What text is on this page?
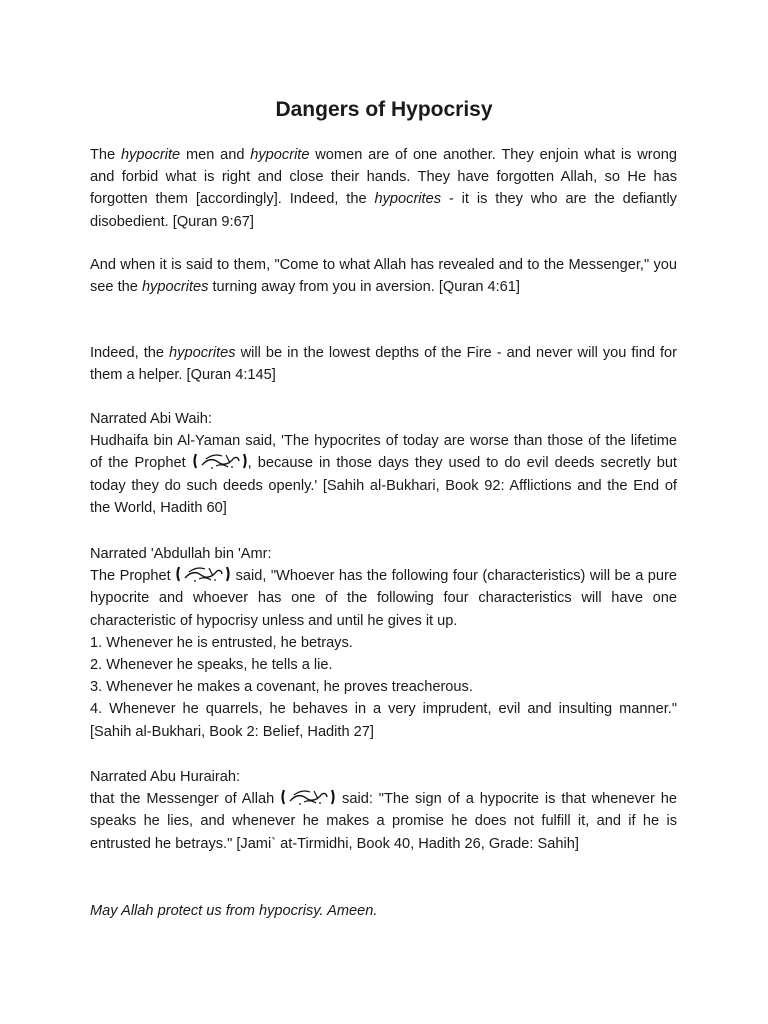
Dangers of Hypocrisy

The hypocrite men and hypocrite women are of one another. They enjoin what is wrong and forbid what is right and close their hands. They have forgotten Allah, so He has forgotten them [accordingly]. Indeed, the hypocrites - it is they who are the defiantly disobedient. [Quran 9:67]

And when it is said to them, "Come to what Allah has revealed and to the Messenger," you see the hypocrites turning away from you in aversion. [Quran 4:61]

Indeed, the hypocrites will be in the lowest depths of the Fire - and never will you find for them a helper. [Quran 4:145]

Narrated Abi Waih:

Hudhaifa bin Al-Yaman said, 'The hypocrites of today are worse than those of the lifetime of the Prophet	, because in those days they used to do evil deeds secretly but today they do such deeds openly.' [Sahih al-Bukhari, Book 92: Afflictions and the End of the World, Hadith 60]

Narrated 'Abdullah bin 'Amr:

The Prophet	said, "Whoever has the following four (characteristics) will be a pure hypocrite and whoever has one of the following four characteristics will have one characteristic of hypocrisy unless and until he gives it up.

1. Whenever he is entrusted, he betrays.

2. Whenever he speaks, he tells a lie.

3. Whenever he makes a covenant, he proves treacherous.

4. Whenever he quarrels, he behaves in a very imprudent, evil and insulting manner." [Sahih al-Bukhari, Book 2: Belief, Hadith 27]

Narrated Abu Hurairah:

that the Messenger of Allah	said: "The sign of a hypocrite is that whenever he speaks he lies, and whenever he makes a promise he does not fulfill it, and if he is entrusted he betrays." [Jami` at-Tirmidhi, Book 40, Hadith 26, Grade: Sahih]

May Allah protect us from hypocrisy. Ameen.
